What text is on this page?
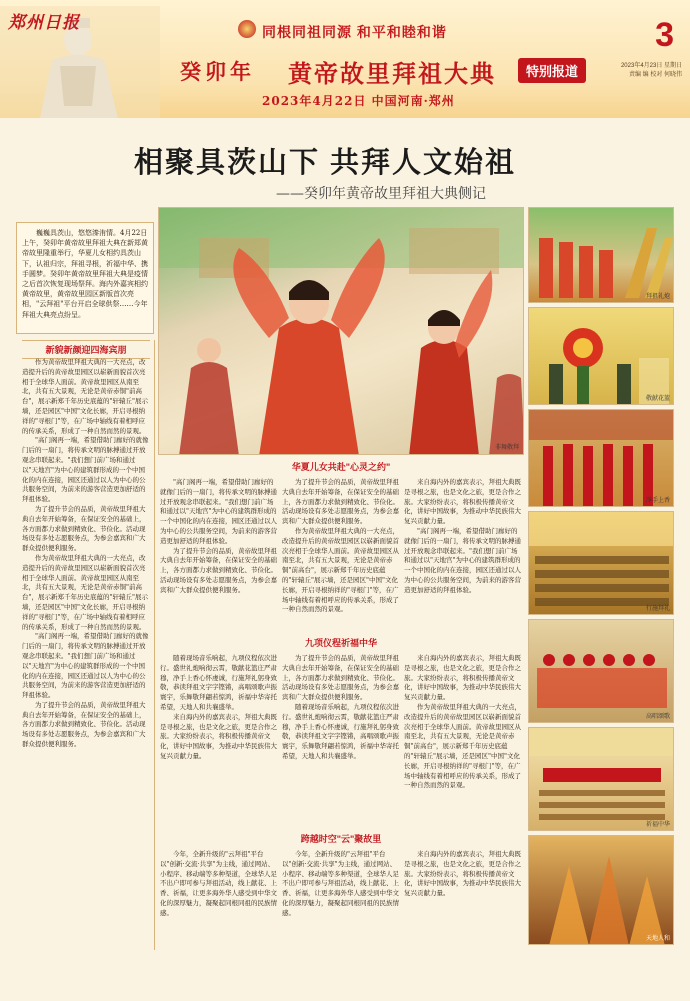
郑州日报	同根同祖同源 和平和睦和谐
癸卯年 黄帝故里拜祖大典	特别报道
2023年4月22日 中国河南·郑州
3
2023年4月23日 星期日
责编 编 校对 何晓伟
相聚具茨山下 共拜人文始祖
——癸卯年黄帝故里拜祖大典侧记
巍巍具茨山，悠悠溱洧情。4月22日上午，癸卯年黄帝故里拜祖大典在新郑黄帝故里隆重举行，华夏儿女相约具茨山下，认祖归宗，拜祖寻根，祈福中华、携手圆梦。癸卯年黄帝故里拜祖大典是疫情之后首次恢复现场祭拜。海内外嘉宾相约黄帝故里，黄帝故里园区新版首次亮相，"云拜祖"平台开启全球供祭……今年拜祖大典亮点纷呈。
非舞敬拜
拜祖礼炮
敬献花篮
净手上香
行施拜礼
高唱颂歌
祈福中华
天地人和
新貌新颜迎四海宾朋

作为黄帝故里拜祖大典的一大亮点，改造提升后的黄帝故里园区以崭新面貌首次亮相于全球华人面前。黄帝故里园区从南至北，共有五大景观，无论是黄帝赤铜"前高台"，展示新郑千年历史底蕴的"轩辕丘"展示墙，还是园区"中国"文化长廊，开启寻根纳祥的"寻根门"等，在广场中轴线有着相呼应的传承关系，形成了一种自然而然的景观。

"高门阁再一端，希望借助门廊好的就像门后的一扇门，将传承文明的脉搏通过开放观念串联起来。"我们想门前广场和通过以"天地宫"为中心的建筑群形成的一个中国化的内在连接，园区还通过以人为中心的公共服务空间，为前来的游客营造更加舒适的拜祖体验。

为了提升节会的品质，黄帝故里拜祖大典自去年开始筹备，在保证安全的基础上，各方面都力求做到精致化、节俭化。活动现场设有多处志愿服务点，为参会嘉宾和广大群众提供便利服务。

作为黄帝故里拜祖大典的一大亮点，改造提升后的黄帝故里园区以崭新面貌首次亮相于全球华人面前。黄帝故里园区从南至北，共有五大景观，无论是黄帝赤铜"前高台"，展示新郑千年历史底蕴的"轩辕丘"展示墙，还是园区"中国"文化长廊，开启寻根纳祥的"寻根门"等，在广场中轴线有着相呼应的传承关系，形成了一种自然而然的景观。

"高门阁再一端，希望借助门廊好的就像门后的一扇门，将传承文明的脉搏通过开放观念串联起来。"我们想门前广场和通过以"天地宫"为中心的建筑群形成的一个中国化的内在连接，园区还通过以人为中心的公共服务空间，为前来的游客营造更加舒适的拜祖体验。

为了提升节会的品质，黄帝故里拜祖大典自去年开始筹备，在保证安全的基础上，各方面都力求做到精致化、节俭化。活动现场设有多处志愿服务点，为参会嘉宾和广大群众提供便利服务。

华夏儿女共赴"心灵之约"

"高门阁再一端，希望借助门廊好的就像门后的一扇门，将传承文明的脉搏通过开放观念串联起来。"我们想门前广场和通过以"天地宫"为中心的建筑群形成的一个中国化的内在连接，园区还通过以人为中心的公共服务空间，为前来的游客营造更加舒适的拜祖体验。

为了提升节会的品质，黄帝故里拜祖大典自去年开始筹备，在保证安全的基础上，各方面都力求做到精致化、节俭化。活动现场设有多处志愿服务点，为参会嘉宾和广大群众提供便利服务。

为了提升节会的品质，黄帝故里拜祖大典自去年开始筹备，在保证安全的基础上，各方面都力求做到精致化、节俭化。活动现场设有多处志愿服务点，为参会嘉宾和广大群众提供便利服务。

作为黄帝故里拜祖大典的一大亮点，改造提升后的黄帝故里园区以崭新面貌首次亮相于全球华人面前。黄帝故里园区从南至北，共有五大景观，无论是黄帝赤铜"前高台"，展示新郑千年历史底蕴的"轩辕丘"展示墙，还是园区"中国"文化长廊，开启寻根纳祥的"寻根门"等，在广场中轴线有着相呼应的传承关系，形成了一种自然而然的景观。

来自海内外的嘉宾表示，拜祖大典既是寻根之旅，也是文化之旅，更是合作之旅。大家纷纷表示，将积极传播黄帝文化，讲好中国故事，为推动中华民族伟大复兴贡献力量。

"高门阁再一端，希望借助门廊好的就像门后的一扇门，将传承文明的脉搏通过开放观念串联起来。"我们想门前广场和通过以"天地宫"为中心的建筑群形成的一个中国化的内在连接，园区还通过以人为中心的公共服务空间，为前来的游客营造更加舒适的拜祖体验。

九项仪程祈福中华

随着现场音乐响起，九项仪程依次进行。盛世礼炮响彻云霄，敬献花篮庄严肃穆，净手上香心怀虔诚，行施拜礼躬身致敬，恭读拜祖文字字铿锵，高唱颂歌声振寰宇，乐舞敬拜翩若惊鸿，祈福中华寄托希望，天地人和共襄盛举。

来自海内外的嘉宾表示，拜祖大典既是寻根之旅，也是文化之旅，更是合作之旅。大家纷纷表示，将积极传播黄帝文化，讲好中国故事，为推动中华民族伟大复兴贡献力量。

为了提升节会的品质，黄帝故里拜祖大典自去年开始筹备，在保证安全的基础上，各方面都力求做到精致化、节俭化。活动现场设有多处志愿服务点，为参会嘉宾和广大群众提供便利服务。

随着现场音乐响起，九项仪程依次进行。盛世礼炮响彻云霄，敬献花篮庄严肃穆，净手上香心怀虔诚，行施拜礼躬身致敬，恭读拜祖文字字铿锵，高唱颂歌声振寰宇，乐舞敬拜翩若惊鸿，祈福中华寄托希望，天地人和共襄盛举。

来自海内外的嘉宾表示，拜祖大典既是寻根之旅，也是文化之旅，更是合作之旅。大家纷纷表示，将积极传播黄帝文化，讲好中国故事，为推动中华民族伟大复兴贡献力量。

作为黄帝故里拜祖大典的一大亮点，改造提升后的黄帝故里园区以崭新面貌首次亮相于全球华人面前。黄帝故里园区从南至北，共有五大景观，无论是黄帝赤铜"前高台"，展示新郑千年历史底蕴的"轩辕丘"展示墙，还是园区"中国"文化长廊，开启寻根纳祥的"寻根门"等，在广场中轴线有着相呼应的传承关系，形成了一种自然而然的景观。

跨越时空"云"聚故里

今年，全新升级的"云拜祖"平台以"创新·交流·共享"为主线，通过网站、小程序、移动端等多种渠道，全球华人足不出户即可参与拜祖活动，线上献花、上香、祈福，让更多海外华人感受到中华文化的深厚魅力，凝聚起同根同祖的民族情感。

今年，全新升级的"云拜祖"平台以"创新·交流·共享"为主线，通过网站、小程序、移动端等多种渠道，全球华人足不出户即可参与拜祖活动，线上献花、上香、祈福，让更多海外华人感受到中华文化的深厚魅力，凝聚起同根同祖的民族情感。

来自海内外的嘉宾表示，拜祖大典既是寻根之旅，也是文化之旅，更是合作之旅。大家纷纷表示，将积极传播黄帝文化，讲好中国故事，为推动中华民族伟大复兴贡献力量。
